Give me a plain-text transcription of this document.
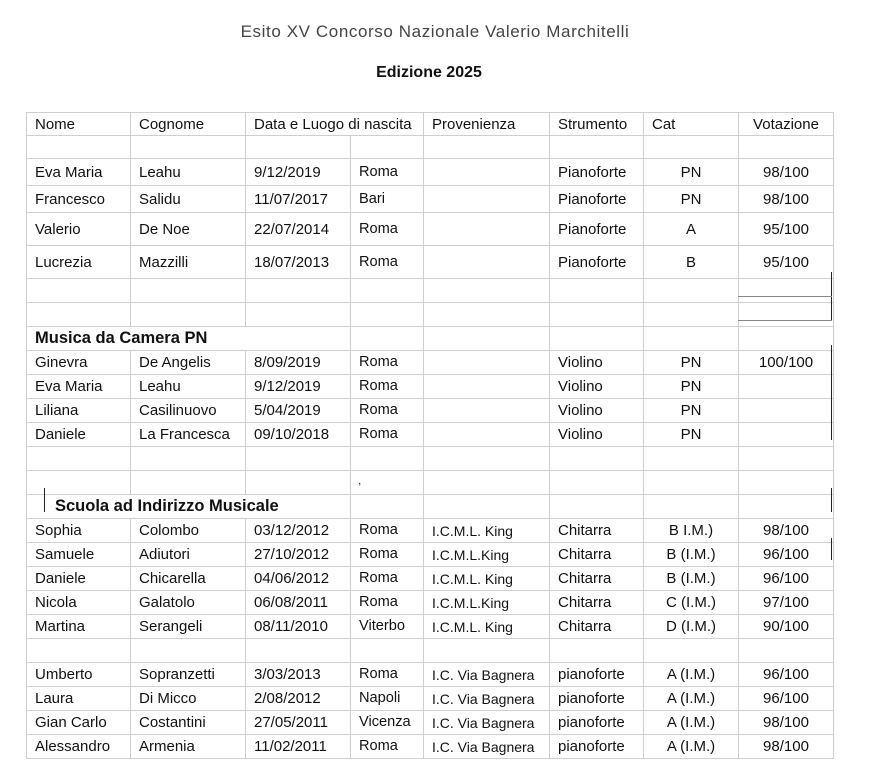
Esito XV Concorso Nazionale Valerio Marchitelli
Edizione 2025
Nome	Cognome	Data e Luogo di nascita		Provenienza	Strumento	Cat	Votazione

Eva Maria	Leahu	9/12/2019	Roma		Pianoforte	PN	98/100
Francesco	Salidu	11/07/2017	Bari		Pianoforte	PN	98/100
Valerio	De Noe	22/07/2014	Roma		Pianoforte	A	95/100
Lucrezia	Mazzilli	18/07/2013	Roma		Pianoforte	B	95/100

Musica da Camera PN							
Ginevra	De Angelis	8/09/2019	Roma		Violino	PN	100/100
Eva Maria	Leahu	9/12/2019	Roma		Violino	PN	
Liliana	Casilinuovo	5/04/2019	Roma		Violino	PN	
Daniele	La Francesca	09/10/2018	Roma		Violino	PN	

Scuola ad Indirizzo Musicale							
Sophia	Colombo	03/12/2012	Roma	I.C.M.L. King	Chitarra	B I.M.)	98/100
Samuele	Adiutori	27/10/2012	Roma	I.C.M.L.King	Chitarra	B (I.M.)	96/100
Daniele	Chicarella	04/06/2012	Roma	I.C.M.L. King	Chitarra	B (I.M.)	96/100
Nicola	Galatolo	06/08/2011	Roma	I.C.M.L.King	Chitarra	C (I.M.)	97/100
Martina	Serangeli	08/11/2010	Viterbo	I.C.M.L. King	Chitarra	D (I.M.)	90/100

Umberto	Sopranzetti	3/03/2013	Roma	I.C. Via Bagnera	pianoforte	A (I.M.)	96/100
Laura	Di Micco	2/08/2012	Napoli	I.C. Via Bagnera	pianoforte	A (I.M.)	96/100
Gian Carlo	Costantini	27/05/2011	Vicenza	I.C. Via Bagnera	pianoforte	A (I.M.)	98/100
Alessandro	Armenia	11/02/2011	Roma	I.C. Via Bagnera	pianoforte	A (I.M.)	98/100
,
